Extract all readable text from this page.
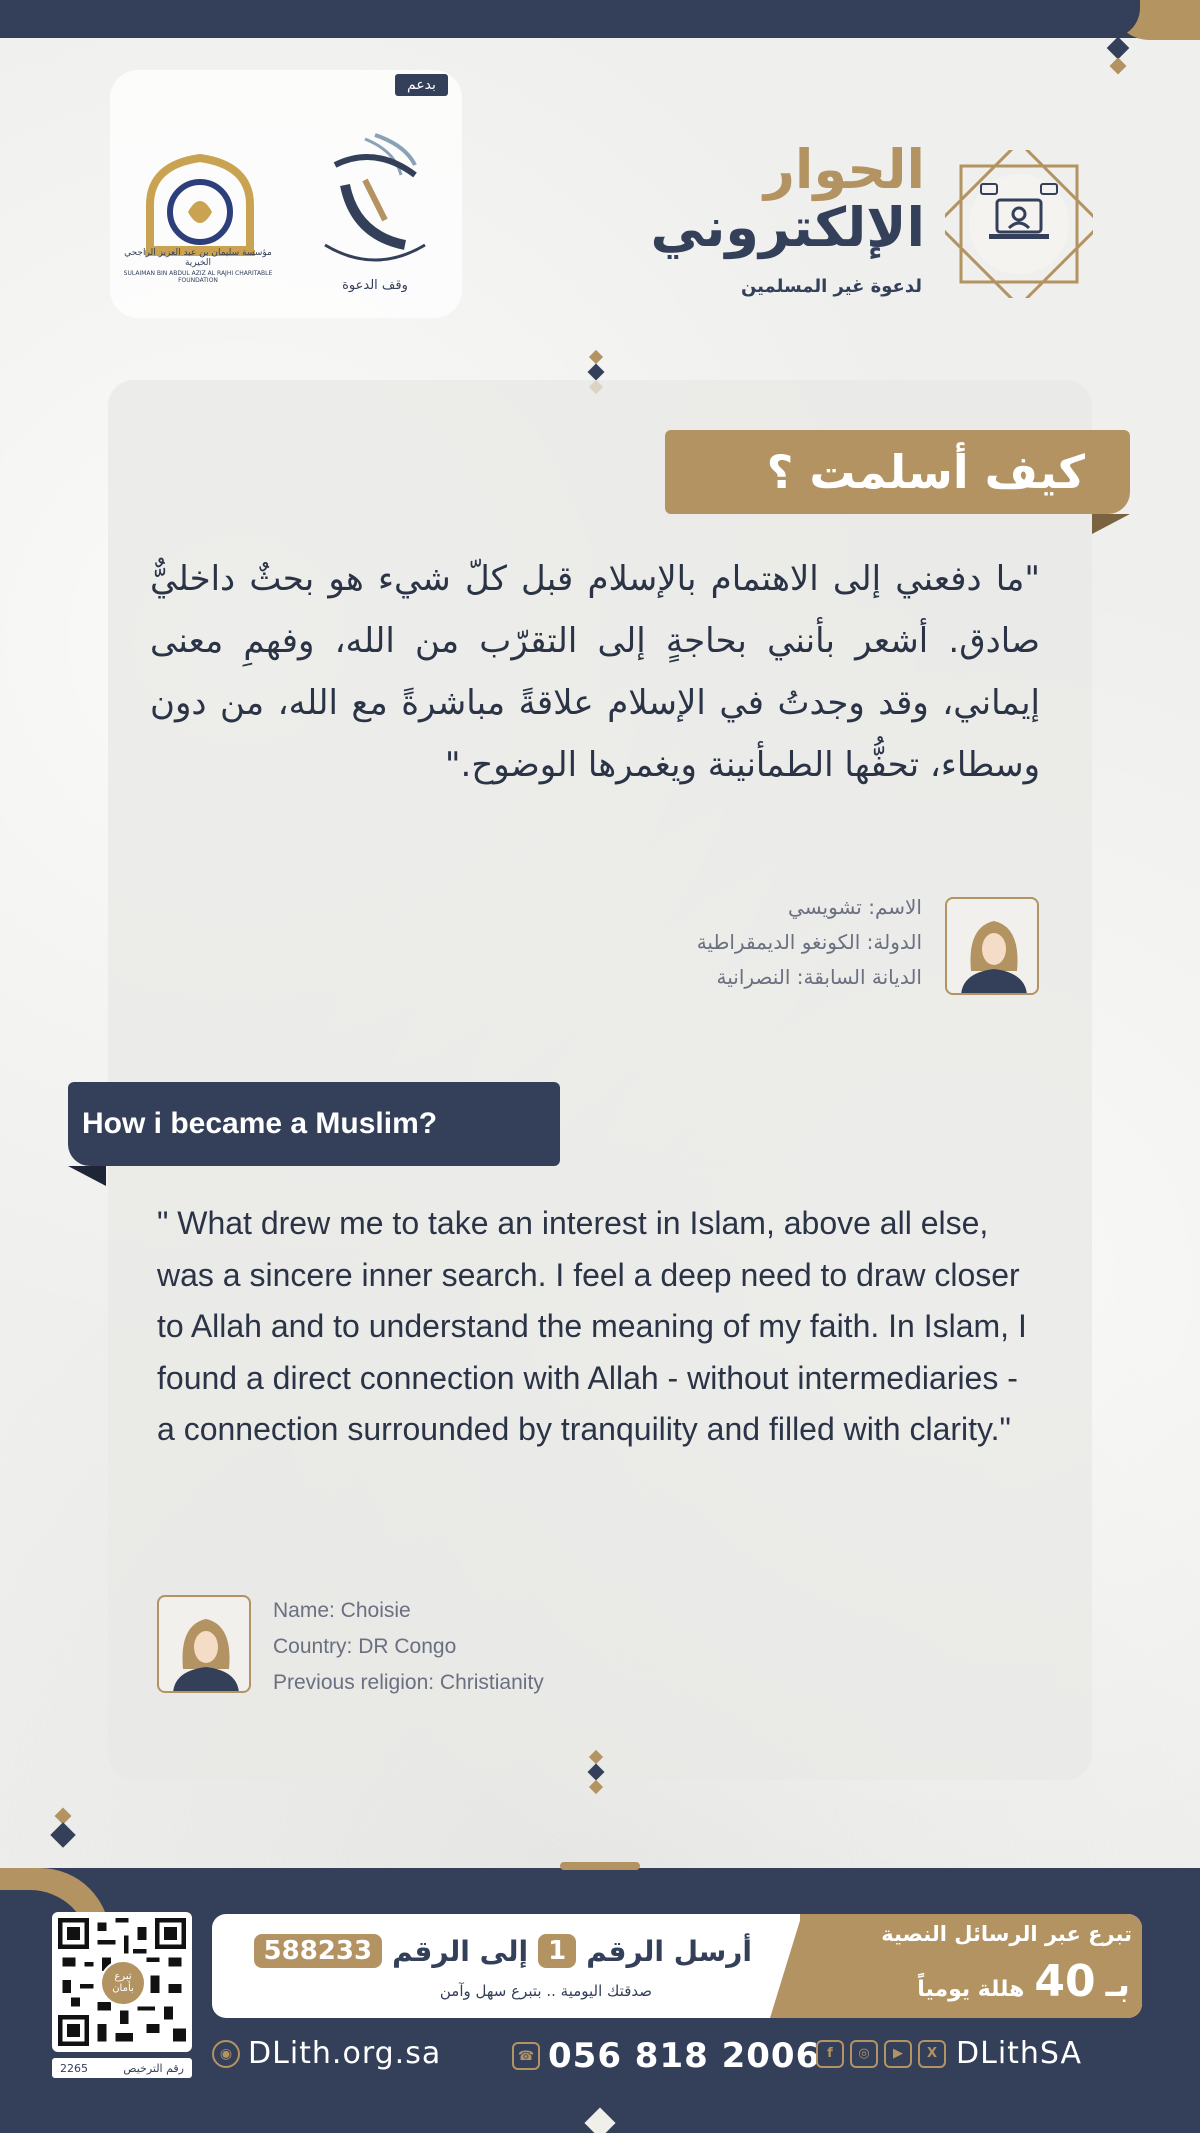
بدعم
مؤسسة سليمان بن عبد العزيز الراجحي الخيرية
SULAIMAN BIN ABDUL AZIZ AL RAJHI CHARITABLE FOUNDATION	وقف الدعوة
الحوار
الإلكتروني
لدعوة غير المسلمين
كيف أسلمت ؟
"ما دفعني إلى الاهتمام بالإسلام قبل كلّ شيء هو بحثٌ داخليٌّ صادق. أشعر بأنني بحاجةٍ إلى التقرّب من الله، وفهمِ معنى إيماني، وقد وجدتُ في الإسلام علاقةً مباشرةً مع الله، من دون وسطاء، تحفُّها الطمأنينة ويغمرها الوضوح."
الاسم: تشويسي
الدولة: الكونغو الديمقراطية
الديانة السابقة: النصرانية
How i became a Muslim?
" What drew me to take an interest in Islam, above all else, was a sincere inner search. I feel a deep need to draw closer to Allah and to understand the meaning of my faith. In Islam, I found a direct connection with Allah - without intermediaries - a connection surrounded by tranquility and filled with clarity."
Name: Choisie
Country: DR Congo
Previous religion: Christianity
تبرع بأمان
2265	رقم الترخيص
تبرع عبر الرسائل النصية
بـ
40
هللة يومياً
أرسل الرقم
1
إلى الرقم
588233
صدقتك اليومية .. بتبرع سهل وآمن
◉ DLith.org.sa	☎ 056 818 2006 f	◎	▶	X DLithSA
